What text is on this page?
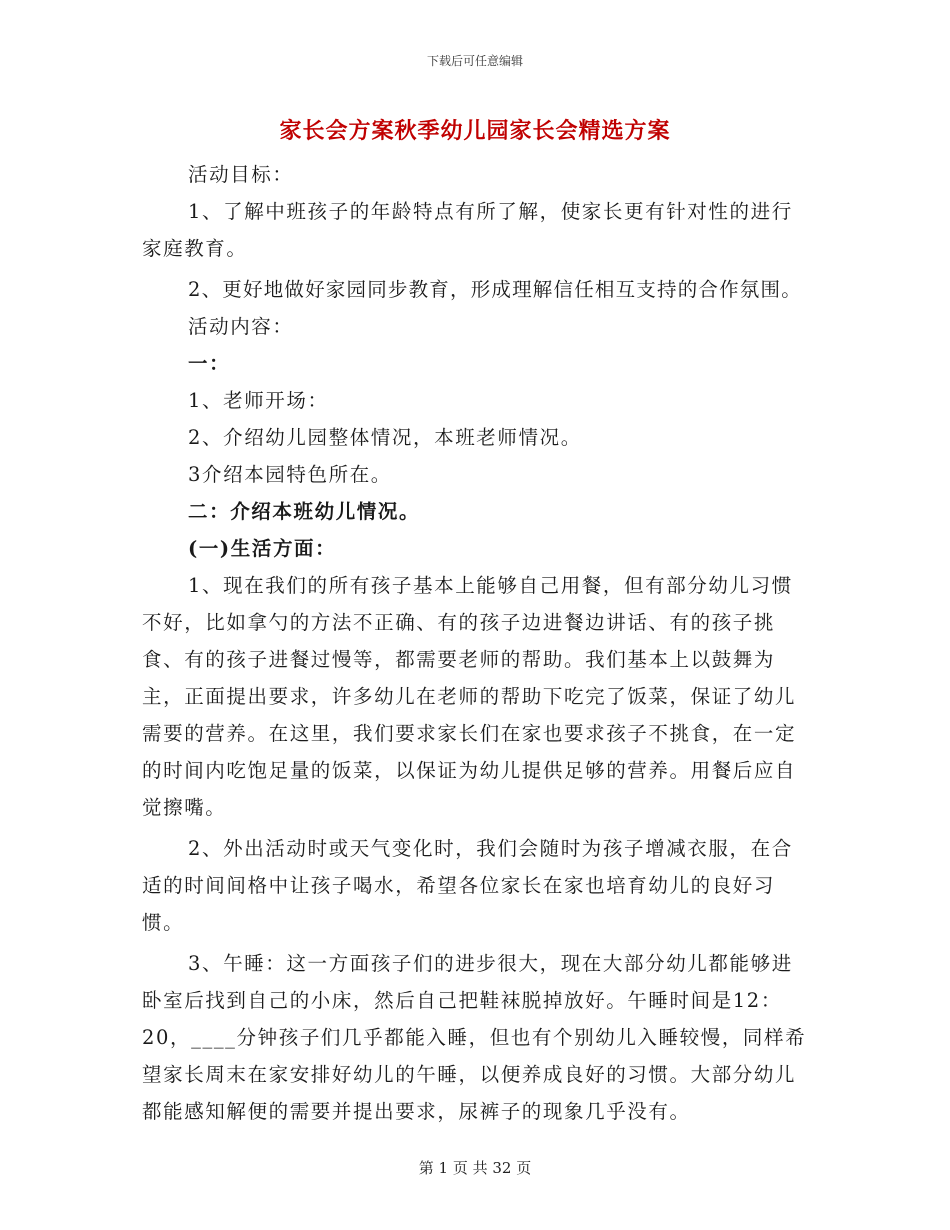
下载后可任意编辑
家长会方案秋季幼儿园家长会精选方案

活动目标：

1、了解中班孩子的年龄特点有所了解，使家长更有针对性的进行家庭教育。

2、更好地做好家园同步教育，形成理解信任相互支持的合作氛围。

活动内容：

一：

1、老师开场：

2、介绍幼儿园整体情况，本班老师情况。

3介绍本园特色所在。

二：介绍本班幼儿情况。

(一)生活方面：

1、现在我们的所有孩子基本上能够自己用餐，但有部分幼儿习惯不好，比如拿勺的方法不正确、有的孩子边进餐边讲话、有的孩子挑食、有的孩子进餐过慢等，都需要老师的帮助。我们基本上以鼓舞为主，正面提出要求，许多幼儿在老师的帮助下吃完了饭菜，保证了幼儿需要的营养。在这里，我们要求家长们在家也要求孩子不挑食，在一定的时间内吃饱足量的饭菜，以保证为幼儿提供足够的营养。用餐后应自觉擦嘴。

2、外出活动时或天气变化时，我们会随时为孩子增减衣服，在合适的时间间格中让孩子喝水，希望各位家长在家也培育幼儿的良好习惯。

3、午睡：这一方面孩子们的进步很大，现在大部分幼儿都能够进卧室后找到自己的小床，然后自己把鞋袜脱掉放好。午睡时间是12：20，____分钟孩子们几乎都能入睡，但也有个别幼儿入睡较慢，同样希望家长周末在家安排好幼儿的午睡，以便养成良好的习惯。大部分幼儿都能感知解便的需要并提出要求，尿裤子的现象几乎没有。

第 1 页 共 32 页
